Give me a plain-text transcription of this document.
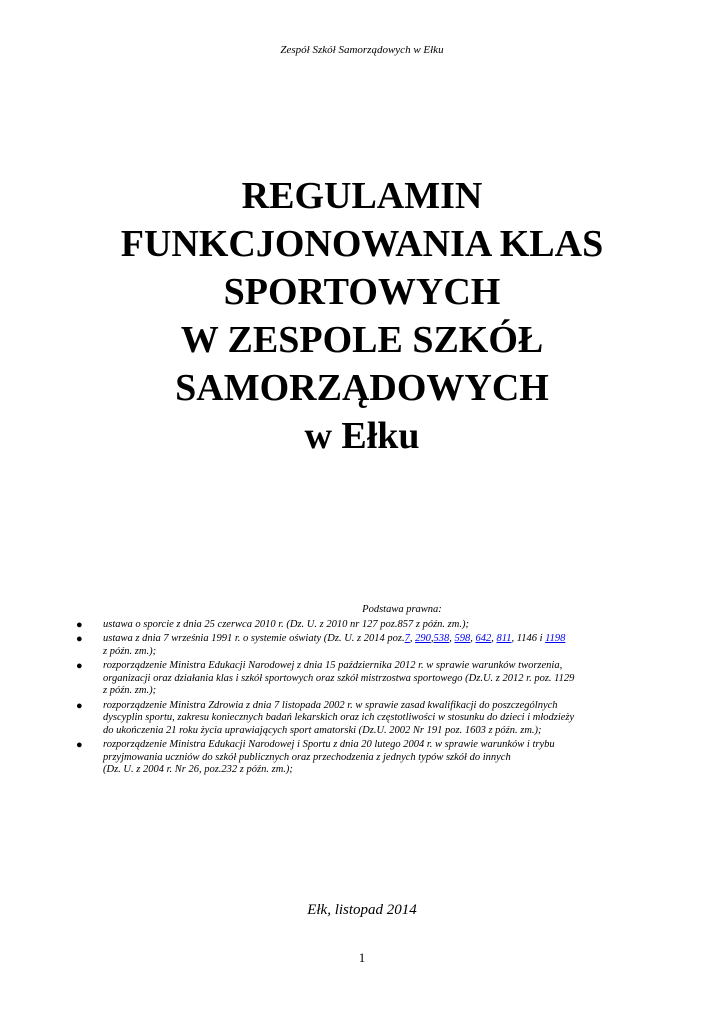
Zespół Szkół Samorządowych w Ełku
REGULAMIN
FUNKCJONOWANIA KLAS
SPORTOWYCH
W ZESPOLE SZKÓŁ
SAMORZĄDOWYCH
w Ełku
Podstawa prawna:
● ustawa o sporcie z dnia 25 czerwca 2010 r. (Dz. U. z 2010 nr 127 poz.857 z późn. zm.);
● ustawa z dnia 7 września 1991 r. o systemie oświaty (Dz. U. z 2014 poz.7, 290,538, 598, 642, 811, 1146 i 1198
z późn. zm.);
● rozporządzenie Ministra Edukacji Narodowej z dnia 15 października 2012 r. w sprawie warunków tworzenia,
organizacji oraz działania klas i szkół sportowych oraz szkół mistrzostwa sportowego (Dz.U. z 2012 r. poz. 1129
z późn. zm.);
● rozporządzenie Ministra Zdrowia z dnia 7 listopada 2002 r. w sprawie zasad kwalifikacji do poszczególnych
dyscyplin sportu, zakresu koniecznych badań lekarskich oraz ich częstotliwości w stosunku do dzieci i młodzieży
do ukończenia 21 roku życia uprawiających sport amatorski (Dz.U. 2002 Nr 191 poz. 1603 z późn. zm.);
● rozporządzenie Ministra Edukacji Narodowej i Sportu z dnia 20 lutego 2004 r. w sprawie warunków i trybu
przyjmowania uczniów do szkół publicznych oraz przechodzenia z jednych typów szkół do innych
(Dz. U. z 2004 r. Nr 26, poz.232 z późn. zm.);
Ełk, listopad 2014
1
